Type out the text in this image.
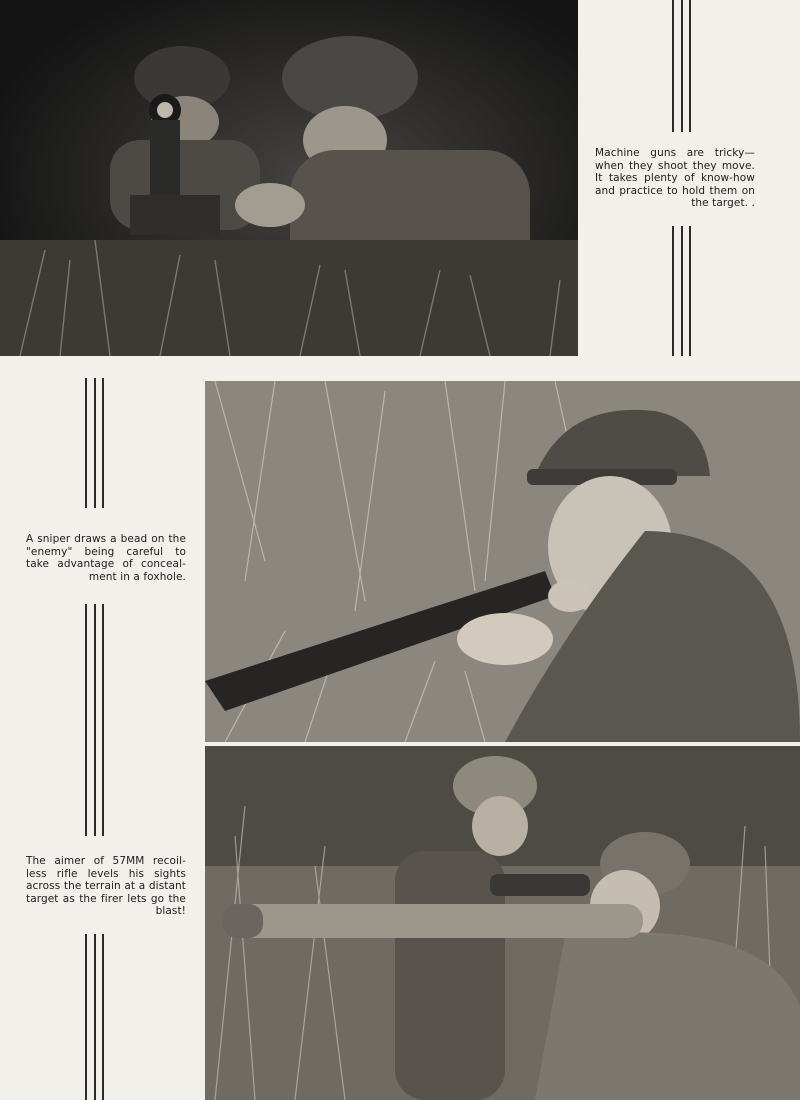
Machine guns are tricky— when they shoot they move. It takes plenty of know-how and practice to hold them on the target. .

A sniper draws a bead on the "enemy" being careful to take advantage of conceal-ment in a foxhole.

The aimer of 57MM recoil-less rifle levels his sights across the terrain at a distant target as the firer lets go the blast!
